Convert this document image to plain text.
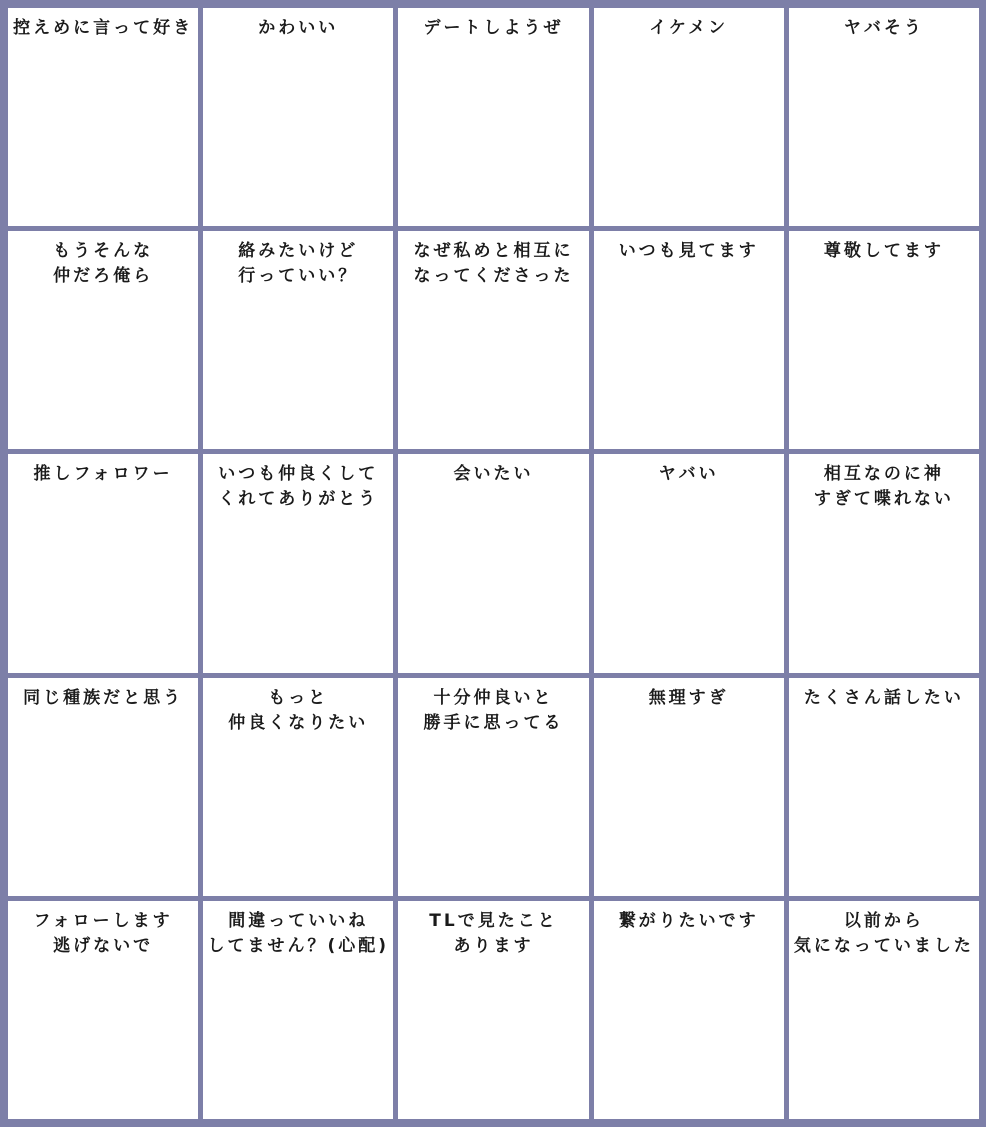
控えめに言って好き	かわいい	デートしようぜ	イケメン	ヤバそう
もうそんな
仲だろ俺ら
絡みたいけど
行っていい？
なぜ私めと相互に
なってくださった
いつも見てます	尊敬してます
推しフォロワー	いつも仲良くして
くれてありがとう
会いたい	ヤバい	相互なのに神
すぎて喋れない
同じ種族だと思う	もっと
仲良くなりたい
十分仲良いと
勝手に思ってる
無理すぎ	たくさん話したい
フォローします
逃げないで
間違っていいね
してません？(心配)
TLで見たこと
あります
繋がりたいです	以前から
気になっていました
